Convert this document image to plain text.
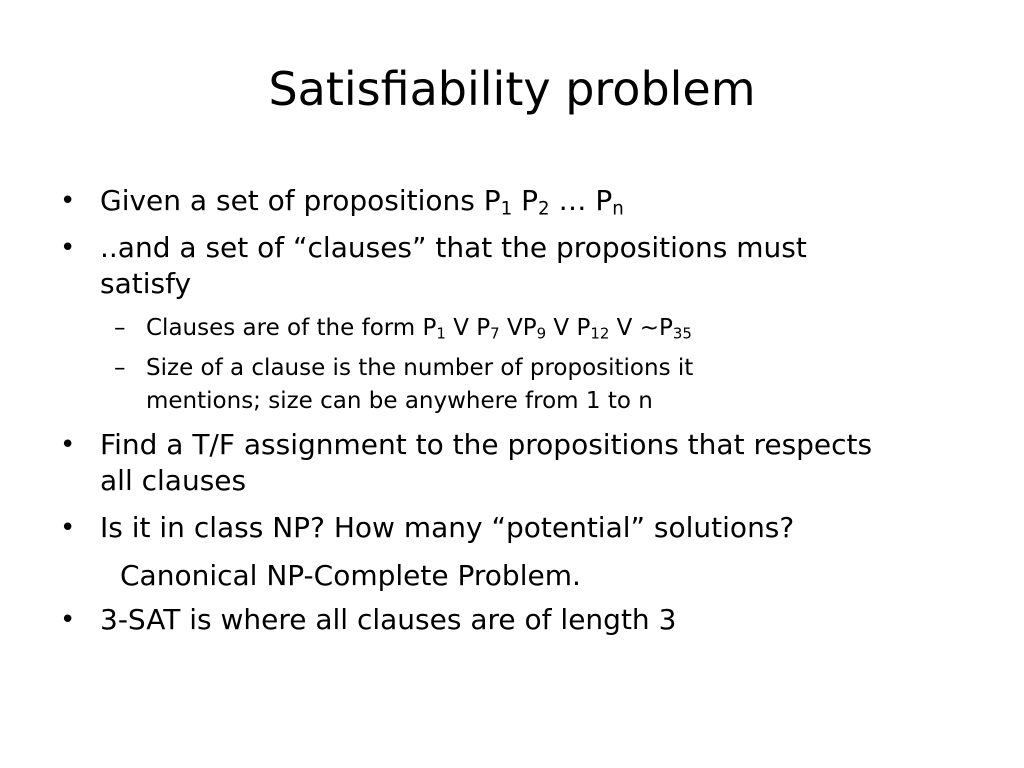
Satisfiability problem
• Given a set of propositions $P_1$ $P_2$ … $P_n$
• ..and a set of “clauses” that the propositions must
satisfy
– Clauses are of the form $P_1$ V $P_7$ $VP_9$ V $P_{12}$ V $\sim P_{35}$
– Size of a clause is the number of propositions it
mentions; size can be anywhere from 1 to n
• Find a T/F assignment to the propositions that respects
all clauses
• Is it in class NP? How many “potential” solutions?
Canonical NP-Complete Problem.
• 3-SAT is where all clauses are of length 3
